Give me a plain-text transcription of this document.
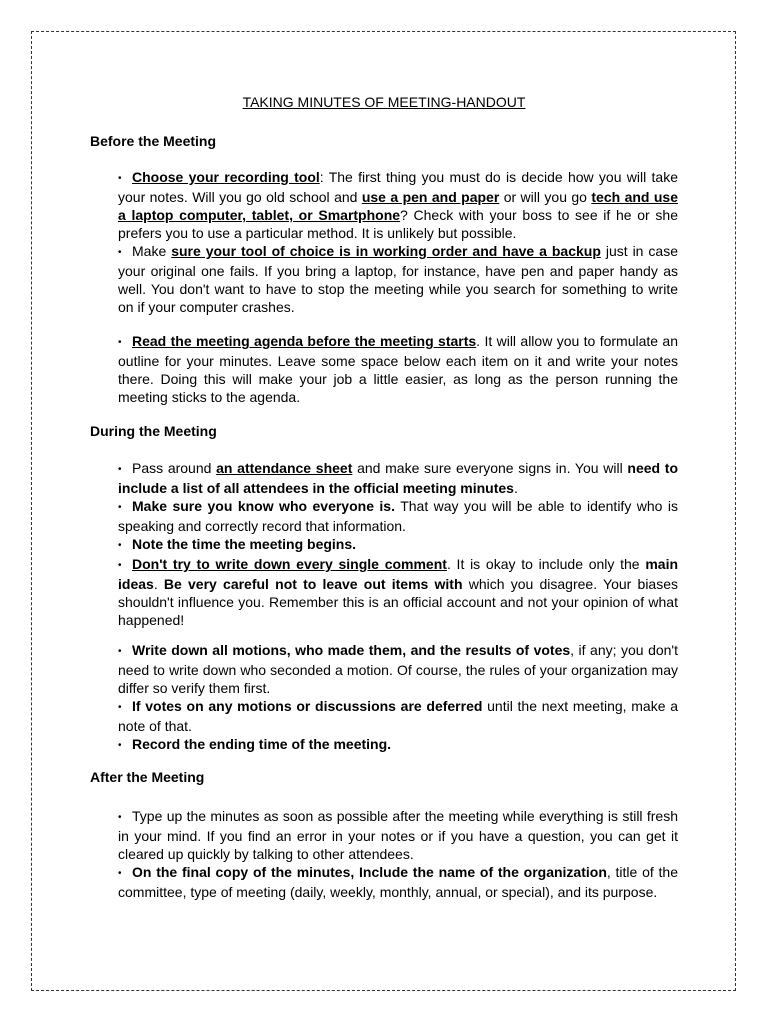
TAKING MINUTES OF MEETING-HANDOUT
Before the Meeting
• Choose your recording tool: The first thing you must do is decide how you will take your notes. Will you go old school and use a pen and paper or will you go tech and use a laptop computer, tablet, or Smartphone? Check with your boss to see if he or she prefers you to use a particular method. It is unlikely but possible.
• Make sure your tool of choice is in working order and have a backup just in case your original one fails. If you bring a laptop, for instance, have pen and paper handy as well. You don't want to have to stop the meeting while you search for something to write on if your computer crashes.
• Read the meeting agenda before the meeting starts. It will allow you to formulate an outline for your minutes. Leave some space below each item on it and write your notes there. Doing this will make your job a little easier, as long as the person running the meeting sticks to the agenda.
During the Meeting
• Pass around an attendance sheet and make sure everyone signs in. You will need to include a list of all attendees in the official meeting minutes.
• Make sure you know who everyone is. That way you will be able to identify who is speaking and correctly record that information.
• Note the time the meeting begins.
• Don't try to write down every single comment. It is okay to include only the main ideas. Be very careful not to leave out items with which you disagree. Your biases shouldn't influence you. Remember this is an official account and not your opinion of what happened!
• Write down all motions, who made them, and the results of votes, if any; you don't need to write down who seconded a motion. Of course, the rules of your organization may differ so verify them first.
• If votes on any motions or discussions are deferred until the next meeting, make a note of that.
• Record the ending time of the meeting.
After the Meeting
• Type up the minutes as soon as possible after the meeting while everything is still fresh in your mind. If you find an error in your notes or if you have a question, you can get it cleared up quickly by talking to other attendees.
• On the final copy of the minutes, Include the name of the organization, title of the committee, type of meeting (daily, weekly, monthly, annual, or special), and its purpose.
